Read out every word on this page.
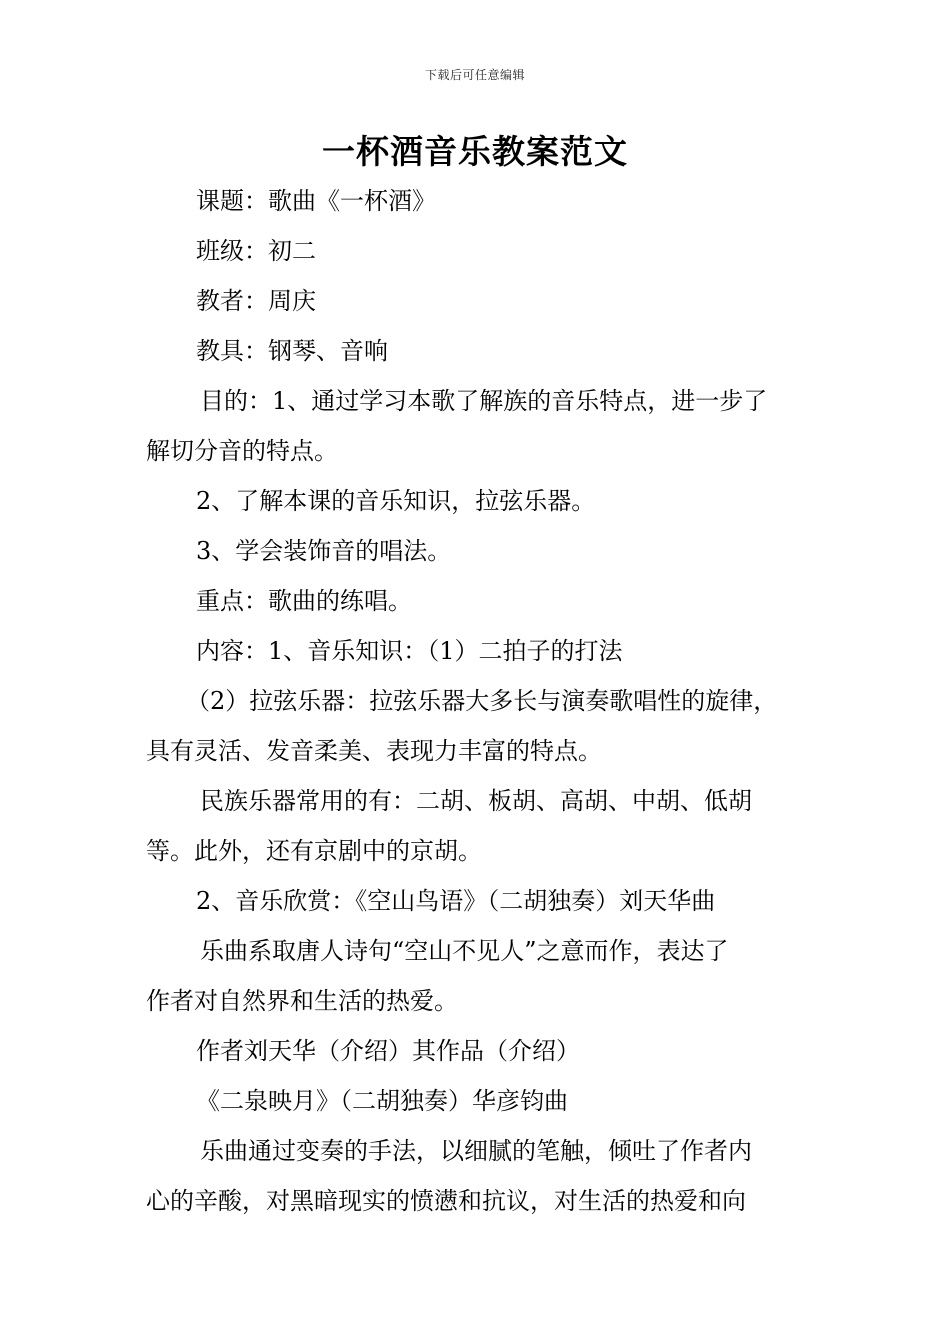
下载后可任意编辑
一杯酒音乐教案范文

课题：歌曲《一杯酒》

班级：初二

教者：周庆

教具：钢琴、音响

目的：1、通过学习本歌了解族的音乐特点，进一步了

解切分音的特点。

2、了解本课的音乐知识，拉弦乐器。

3、学会装饰音的唱法。

重点：歌曲的练唱。

内容：1、音乐知识：（1）二拍子的打法

（2）拉弦乐器：拉弦乐器大多长与演奏歌唱性的旋律，

具有灵活、发音柔美、表现力丰富的特点。

民族乐器常用的有：二胡、板胡、高胡、中胡、低胡

等。此外，还有京剧中的京胡。

2、音乐欣赏：《空山鸟语》（二胡独奏）刘天华曲

乐曲系取唐人诗句“空山不见人”之意而作，表达了

作者对自然界和生活的热爱。

作者刘天华（介绍）其作品（介绍）

《二泉映月》（二胡独奏）华彦钧曲

乐曲通过变奏的手法，以细腻的笔触，倾吐了作者内

心的辛酸，对黑暗现实的愤懑和抗议，对生活的热爱和向
